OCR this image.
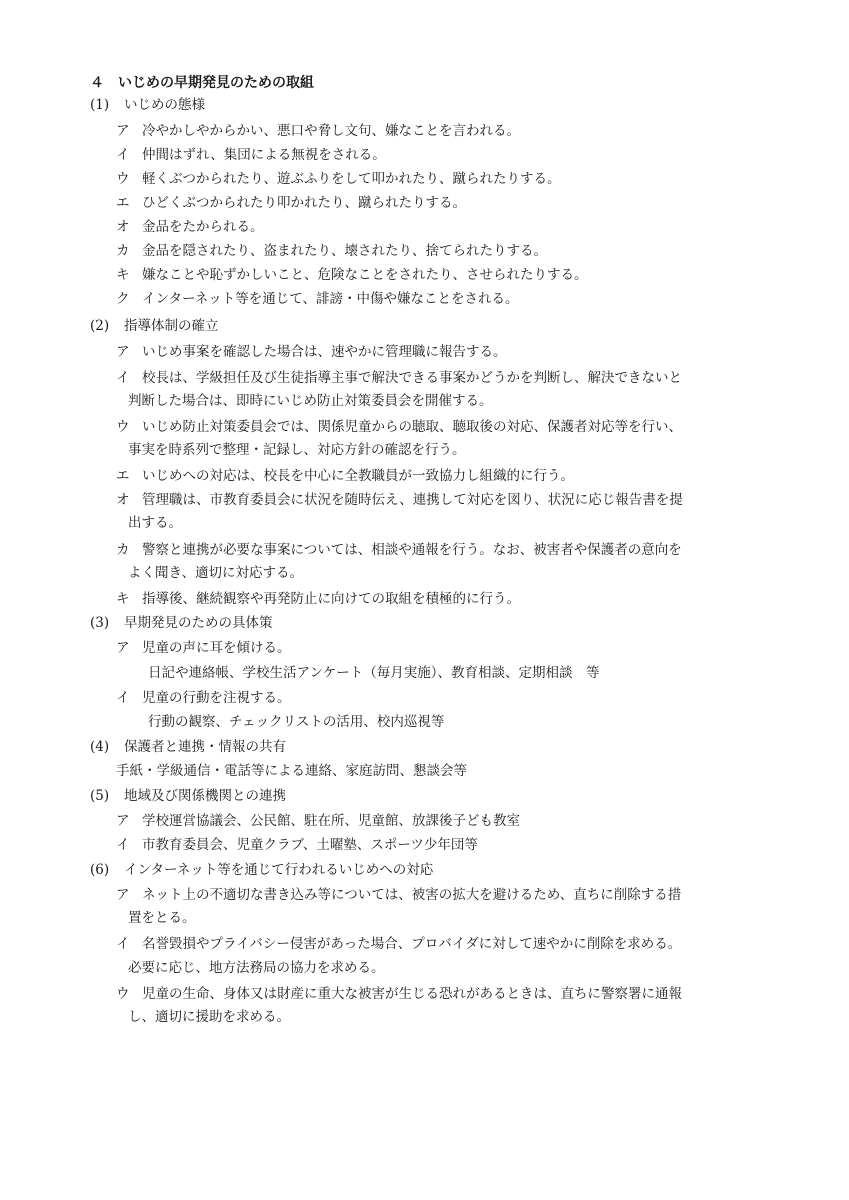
４　いじめの早期発見のための取組
(1) いじめの態様
ア 冷やかしやからかい、悪口や脅し文句、嫌なことを言われる。
イ 仲間はずれ、集団による無視をされる。
ウ 軽くぶつかられたり、遊ぶふりをして叩かれたり、蹴られたりする。
エ ひどくぶつかられたり叩かれたり、蹴られたりする。
オ 金品をたかられる。
カ 金品を隠されたり、盗まれたり、壊されたり、捨てられたりする。
キ 嫌なことや恥ずかしいこと、危険なことをされたり、させられたりする。
ク インターネット等を通じて、誹謗・中傷や嫌なことをされる。
(2) 指導体制の確立
ア いじめ事案を確認した場合は、速やかに管理職に報告する。
イ 校長は、学級担任及び生徒指導主事で解決できる事案かどうかを判断し、解決できないと
判断した場合は、即時にいじめ防止対策委員会を開催する。
ウ いじめ防止対策委員会では、関係児童からの聴取、聴取後の対応、保護者対応等を行い、
事実を時系列で整理・記録し、対応方針の確認を行う。
エ いじめへの対応は、校長を中心に全教職員が一致協力し組織的に行う。
オ 管理職は、市教育委員会に状況を随時伝え、連携して対応を図り、状況に応じ報告書を提
出する。
カ 警察と連携が必要な事案については、相談や通報を行う。なお、被害者や保護者の意向を
よく聞き、適切に対応する。
キ 指導後、継続観察や再発防止に向けての取組を積極的に行う。
(3) 早期発見のための具体策
ア 児童の声に耳を傾ける。
日記や連絡帳、学校生活アンケート（毎月実施）、教育相談、定期相談　等
イ 児童の行動を注視する。
行動の観察、チェックリストの活用、校内巡視等
(4) 保護者と連携・情報の共有
手紙・学級通信・電話等による連絡、家庭訪問、懇談会等
(5) 地域及び関係機関との連携
ア 学校運営協議会、公民館、駐在所、児童館、放課後子ども教室
イ 市教育委員会、児童クラブ、土曜塾、スポーツ少年団等
(6) インターネット等を通じて行われるいじめへの対応
ア ネット上の不適切な書き込み等については、被害の拡大を避けるため、直ちに削除する措
置をとる。
イ 名誉毀損やプライバシー侵害があった場合、プロバイダに対して速やかに削除を求める。
必要に応じ、地方法務局の協力を求める。
ウ 児童の生命、身体又は財産に重大な被害が生じる恐れがあるときは、直ちに警察署に通報
し、適切に援助を求める。
